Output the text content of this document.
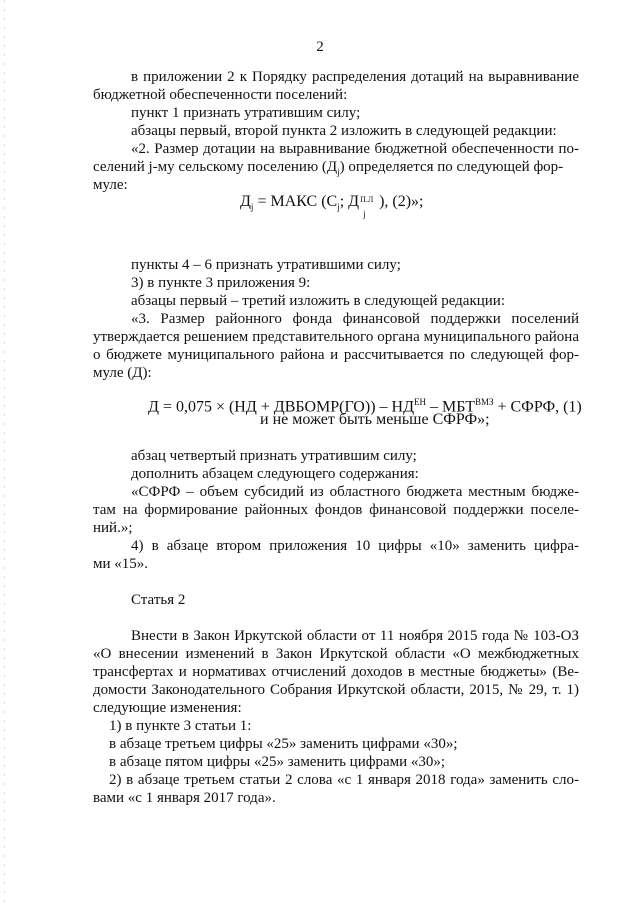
2
в приложении 2 к Порядку распределения дотаций на выравнивание
бюджетной обеспеченности поселений:
пункт 1 признать утратившим силу;
абзацы первый, второй пункта 2 изложить в следующей редакции:
«2. Размер дотации на выравнивание бюджетной обеспеченности по-
селений j-му сельскому поселению $(Д_j)$ определяется по следующей фор-
муле:
$Д_j$ = МАКС ($С_j$; Д П.Л
j
), (2)»;
пункты 4 – 6 признать утратившими силу;
3) в пункте 3 приложения 9:
абзацы первый – третий изложить в следующей редакции:
«3. Размер районного фонда финансовой поддержки поселений
утверждается решением представительного органа муниципального района
о бюджете муниципального района и рассчитывается по следующей фор-
муле (Д):
Д = 0,075 × (НД + ДВБОМР(ГО)) – $НД^{ЕН} - МБТ^{ВМЗ}$ + СФРФ, (1)
и не может быть меньше СФРФ»;
абзац четвертый признать утратившим силу;
дополнить абзацем следующего содержания:
«СФРФ – объем субсидий из областного бюджета местным бюдже-
там на формирование районных фондов финансовой поддержки поселе-
ний.»;
4) в абзаце втором приложения 10 цифры «10» заменить цифра-
ми «15».
Статья 2
Внести в Закон Иркутской области от 11 ноября 2015 года № 103-ОЗ
«О внесении изменений в Закон Иркутской области «О межбюджетных
трансфертах и нормативах отчислений доходов в местные бюджеты» (Ве-
домости Законодательного Собрания Иркутской области, 2015, № 29, т. 1)
следующие изменения:
1) в пункте 3 статьи 1:
в абзаце третьем цифры «25» заменить цифрами «30»;
в абзаце пятом цифры «25» заменить цифрами «30»;
2) в абзаце третьем статьи 2 слова «с 1 января 2018 года» заменить сло-
вами «с 1 января 2017 года».
